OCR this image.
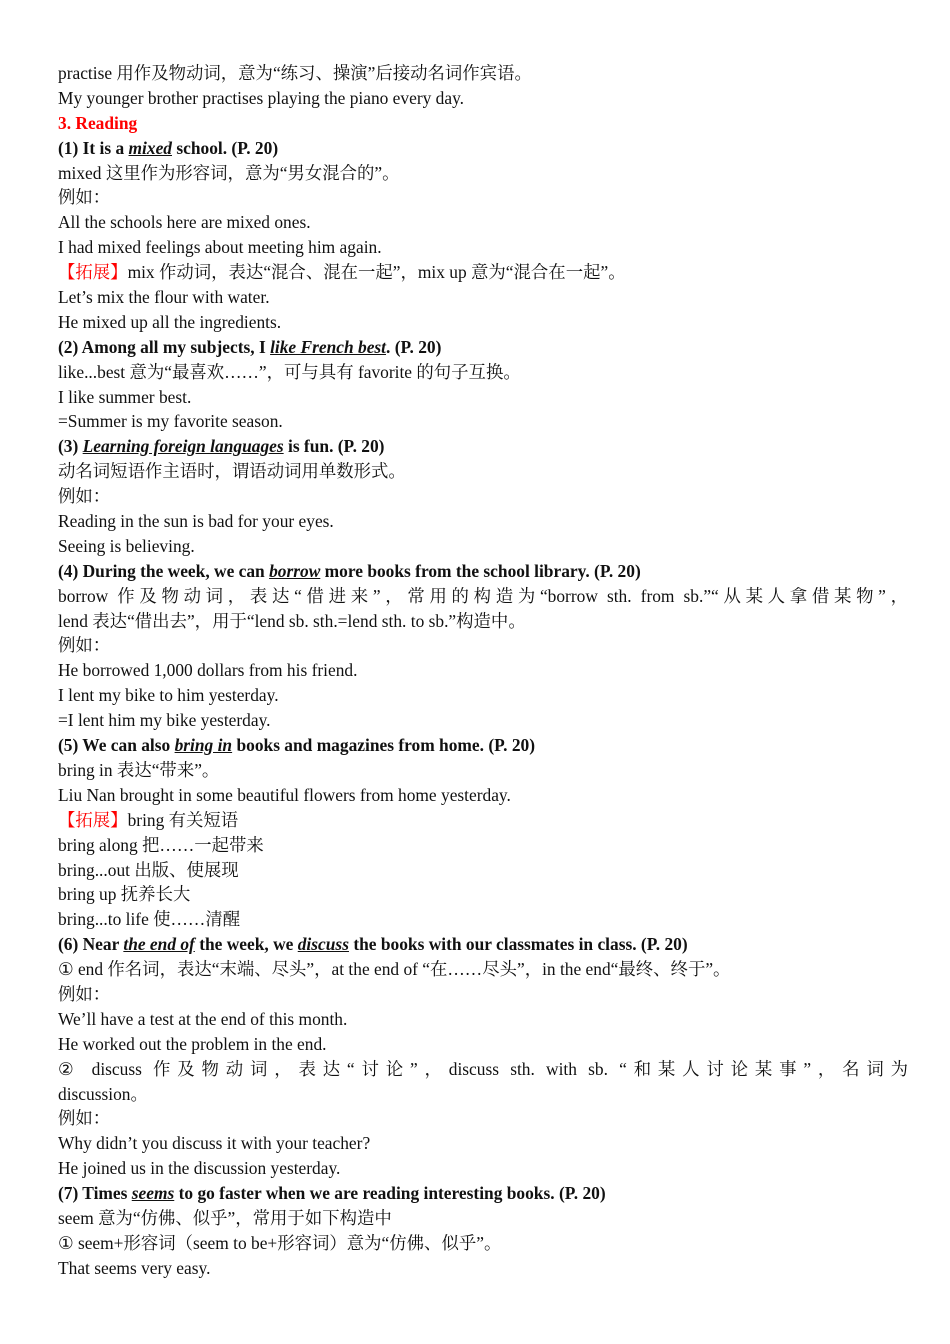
practise 用作及物动词，意为“练习、操演”后接动名词作宾语。
My younger brother practises playing the piano every day.
3. Reading
(1) It is a mixed school. (P. 20)
mixed 这里作为形容词，意为“男女混合的”。
例如：
All the schools here are mixed ones.
I had mixed feelings about meeting him again.
【拓展】mix 作动词，表达“混合、混在一起”，mix up 意为“混合在一起”。
Let’s mix the flour with water.
He mixed up all the ingredients.
(2) Among all my subjects, I like French best. (P. 20)
like...best 意为“最喜欢……”，可与具有 favorite 的句子互换。
I like summer best.
=Summer is my favorite season.
(3) Learning foreign languages is fun. (P. 20)
动名词短语作主语时，谓语动词用单数形式。
例如：
Reading in the sun is bad for your eyes.
Seeing is believing.
(4) During the week, we can borrow more books from the school library. (P. 20)
borrow 作及物动词，表达“借进来”，常用的构造为“borrow sth. from sb.”“从某人拿借某物”，
lend 表达“借出去”，用于“lend sb. sth.=lend sth. to sb.”构造中。
例如：
He borrowed 1,000 dollars from his friend.
I lent my bike to him yesterday.
=I lent him my bike yesterday.
(5) We can also bring in books and magazines from home. (P. 20)
bring in 表达“带来”。
Liu Nan brought in some beautiful flowers from home yesterday.
【拓展】bring 有关短语
bring along 把……一起带来
bring...out 出版、使展现
bring up 抚养长大
bring...to life 使……清醒
(6) Near the end of the week, we discuss the books with our classmates in class. (P. 20)
① end 作名词，表达“末端、尽头”，at the end of “在……尽头”，in the end“最终、终于”。
例如：
We’ll have a test at the end of this month.
He worked out the problem in the end.
② discuss 作及物动词，表达“讨论”，discuss sth. with sb. “和某人讨论某事”，名词为
discussion。
例如：
Why didn’t you discuss it with your teacher?
He joined us in the discussion yesterday.
(7) Times seems to go faster when we are reading interesting books. (P. 20)
seem 意为“仿佛、似乎”，常用于如下构造中
① seem+形容词（seem to be+形容词）意为“仿佛、似乎”。
That seems very easy.
